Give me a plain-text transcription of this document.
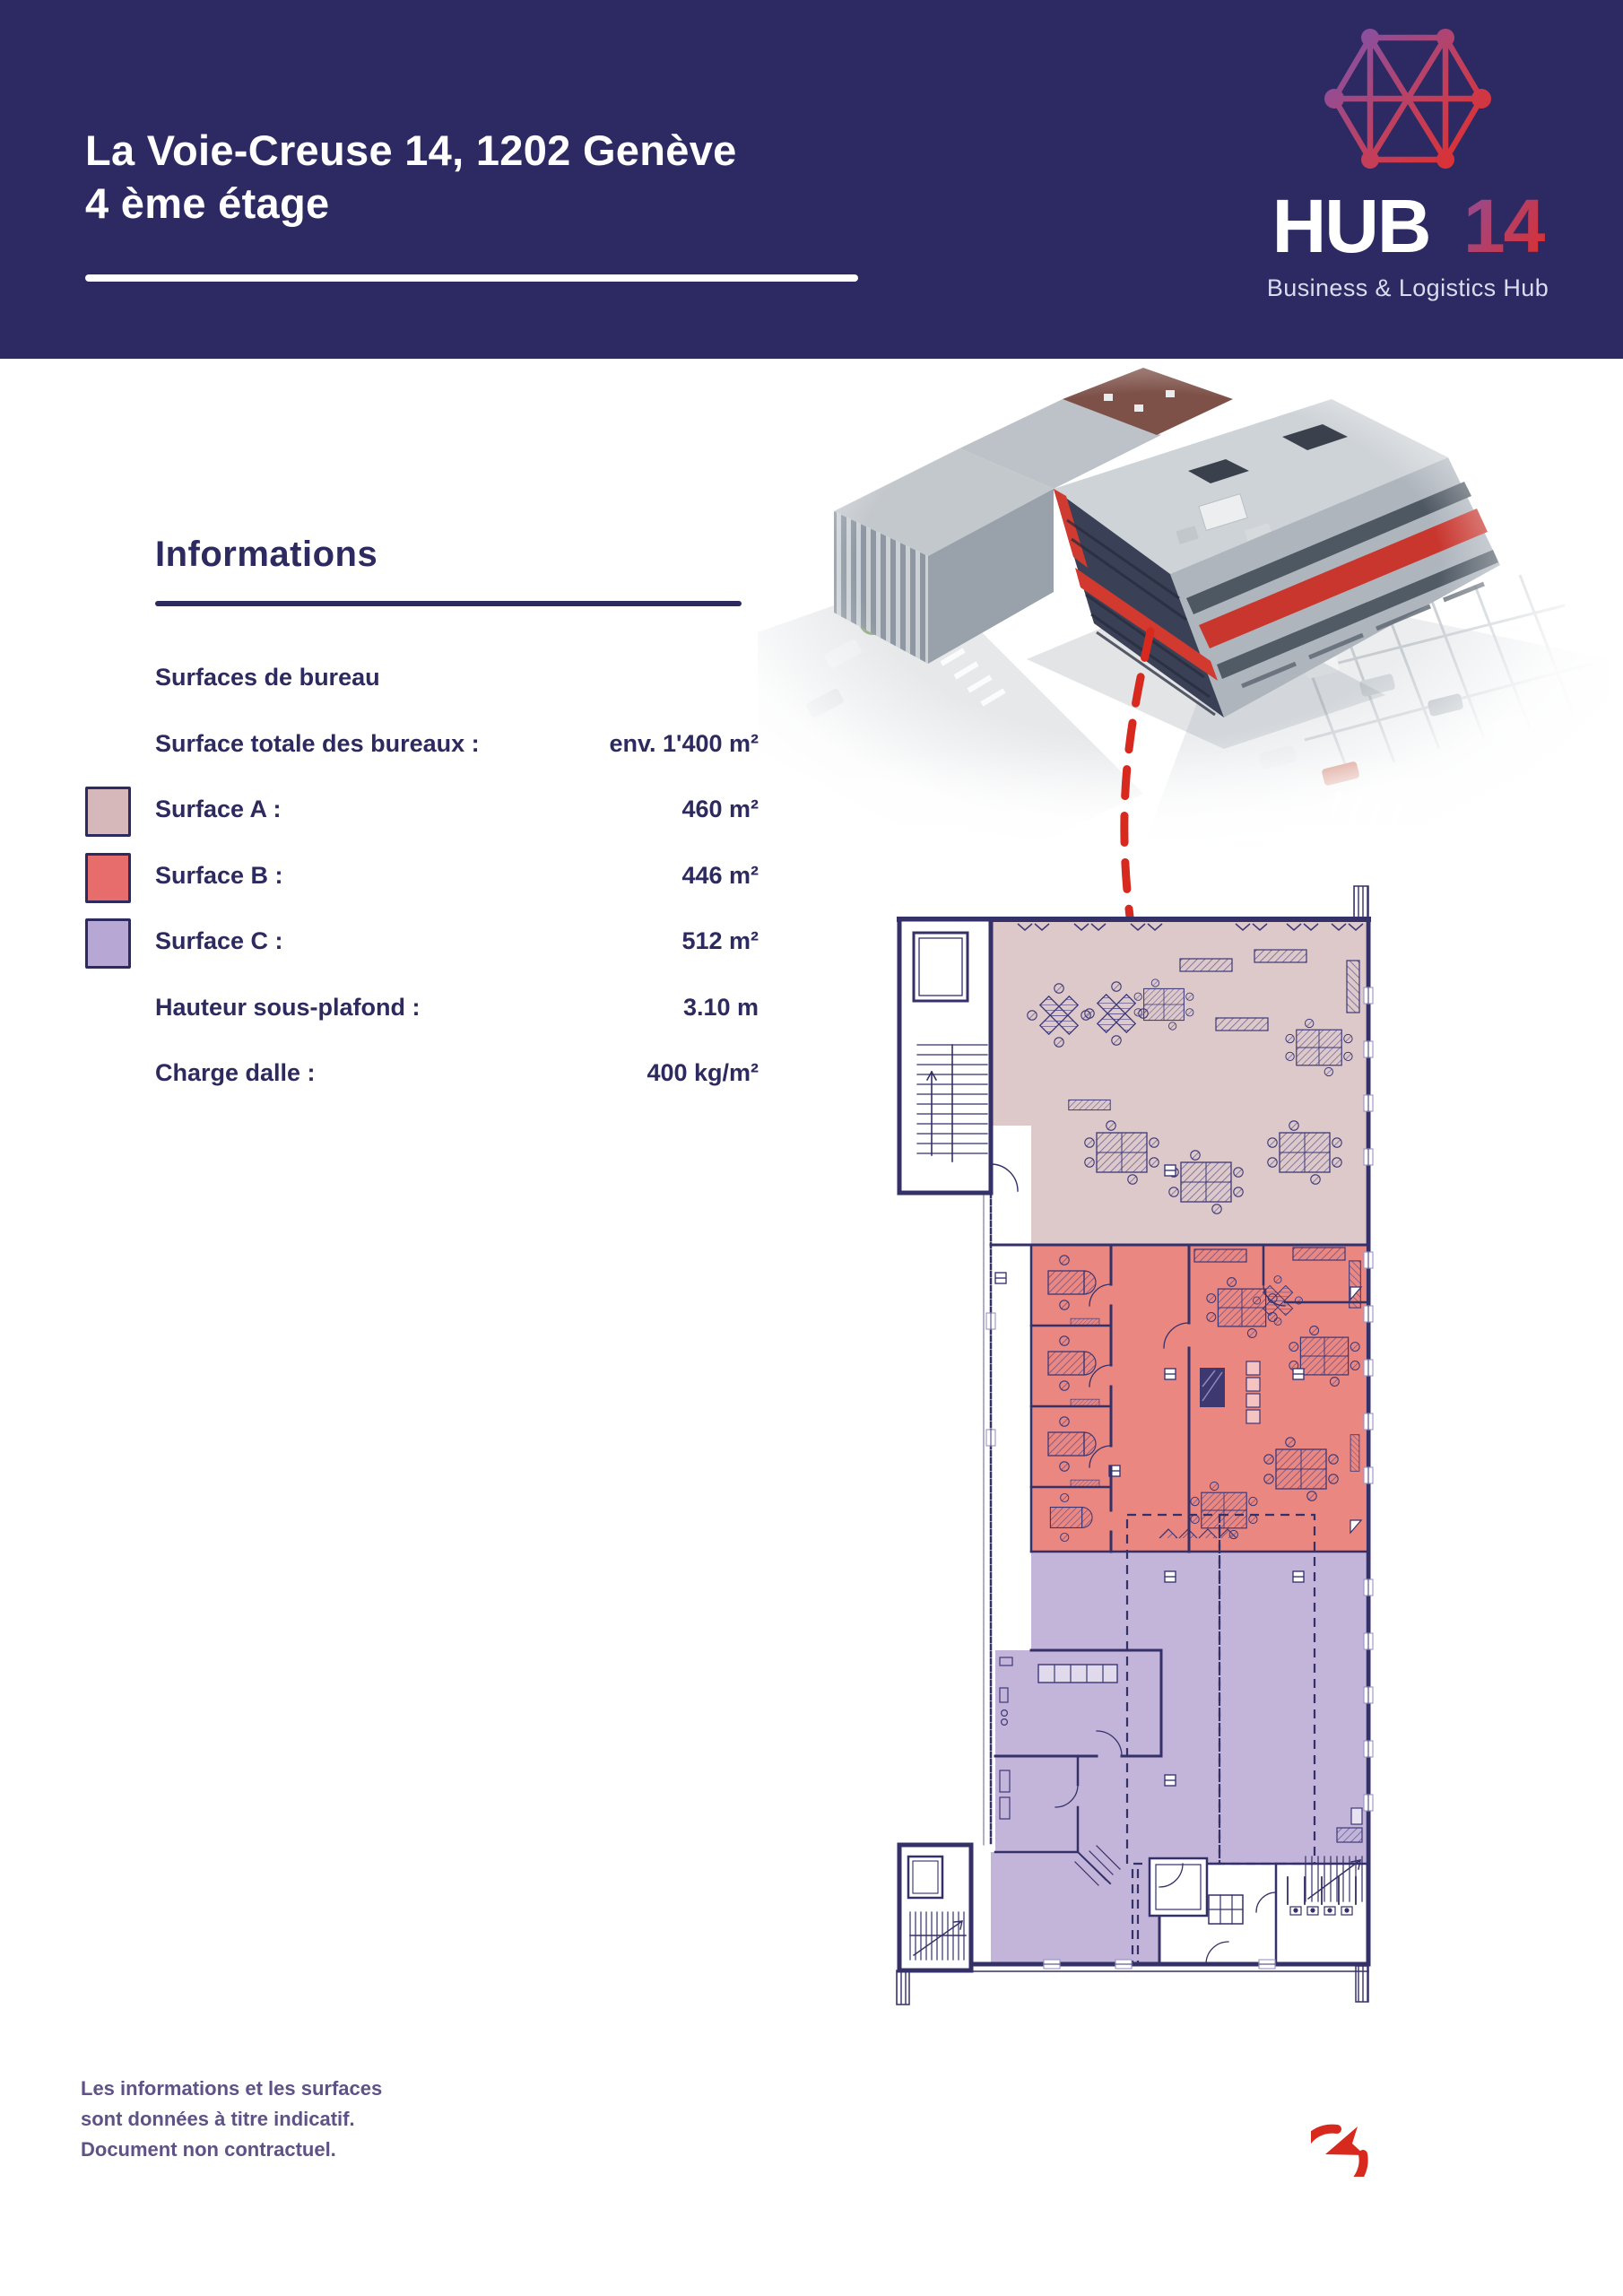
La Voie-Creuse 14, 1202 Genève
4 ème étage
	HUB 14
Business & Logistics Hub
Informations
Surfaces de bureau
Surface totale des bureaux :	env. 1'400 m²
Surface A :	460 m²
Surface B :	446 m²
Surface C :	512 m²
Hauteur sous-plafond :	3.10 m
Charge dalle :	400 kg/m²
Les informations et les surfaces
sont données à titre indicatif.
Document non contractuel.
